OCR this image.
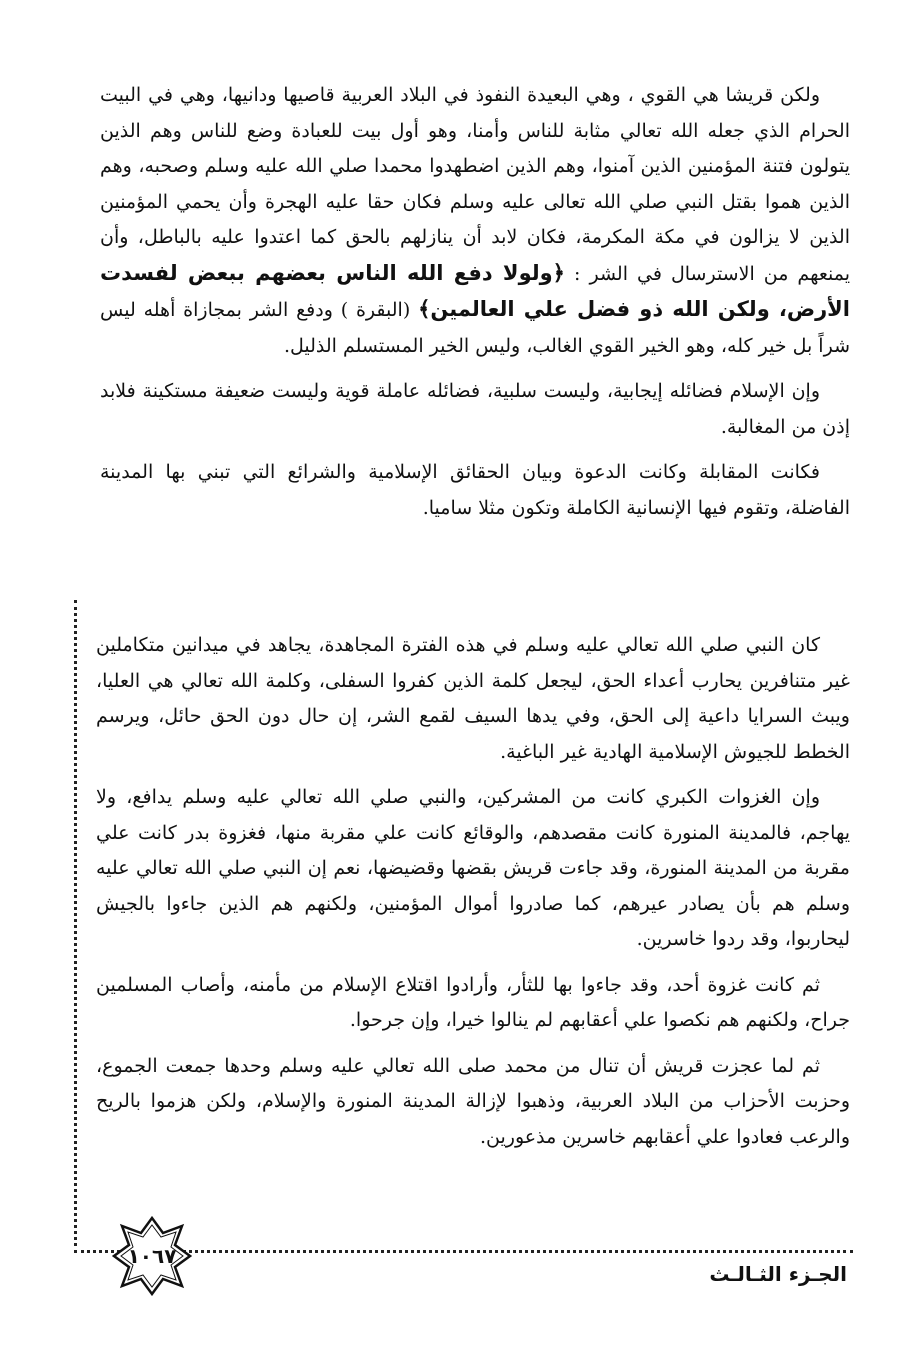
ولكن قريشا هي القوي ، وهي البعيدة النفوذ في البلاد العربية قاصيها ودانيها، وهي في البيت الحرام الذي جعله الله تعالي مثابة للناس وأمنا، وهو أول بيت للعبادة وضع للناس وهم الذين يتولون فتنة المؤمنين الذين آمنوا، وهم الذين اضطهدوا محمدا صلي الله عليه وسلم وصحبه، وهم الذين هموا بقتل النبي صلي الله تعالى عليه وسلم فكان حقا عليه الهجرة وأن يحمي المؤمنين الذين لا يزالون في مكة المكرمة، فكان لابد أن ينازلهم بالحق كما اعتدوا عليه بالباطل، وأن يمنعهم من الاسترسال في الشر : ﴿ولولا دفع الله الناس بعضهم ببعض لفسدت الأرض، ولكن الله ذو فضل علي العالمين﴾ (البقرة ) ودفع الشر بمجازاة أهله ليس شراً بل خير كله، وهو الخير القوي الغالب، وليس الخير المستسلم الذليل.

وإن الإسلام فضائله إيجابية، وليست سلبية، فضائله عاملة قوية وليست ضعيفة مستكينة فلابد إذن من المغالبة.

فكانت المقابلة وكانت الدعوة وبيان الحقائق الإسلامية والشرائع التي تبني بها المدينة الفاضلة، وتقوم فيها الإنسانية الكاملة وتكون مثلا ساميا.

كان النبي صلي الله تعالي عليه وسلم في هذه الفترة المجاهدة، يجاهد في ميدانين متكاملين غير متنافرين يحارب أعداء الحق، ليجعل كلمة الذين كفروا السفلى، وكلمة الله تعالي هي العليا، ويبث السرايا داعية إلى الحق، وفي يدها السيف لقمع الشر، إن حال دون الحق حائل، ويرسم الخطط للجيوش الإسلامية الهادية غير الباغية.

وإن الغزوات الكبري كانت من المشركين، والنبي صلي الله تعالي عليه وسلم يدافع، ولا يهاجم، فالمدينة المنورة كانت مقصدهم، والوقائع كانت علي مقربة منها، فغزوة بدر كانت علي مقربة من المدينة المنورة، وقد جاءت قريش بقضها وقضيضها، نعم إن النبي صلي الله تعالي عليه وسلم هم بأن يصادر عيرهم، كما صادروا أموال المؤمنين، ولكنهم هم الذين جاءوا بالجيش ليحاربوا، وقد ردوا خاسرين.

ثم كانت غزوة أحد، وقد جاءوا بها للثأر، وأرادوا اقتلاع الإسلام من مأمنه، وأصاب المسلمين جراح، ولكنهم هم نكصوا علي أعقابهم لم ينالوا خيرا، وإن جرحوا.

ثم لما عجزت قريش أن تنال من محمد صلى الله تعالي عليه وسلم وحدها جمعت الجموع، وحزبت الأحزاب من البلاد العربية، وذهبوا لإزالة المدينة المنورة والإسلام، ولكن هزموا بالريح والرعب فعادوا علي أعقابهم خاسرين مذعورين.

١٠٦٧
الجـزء الثـالـث
